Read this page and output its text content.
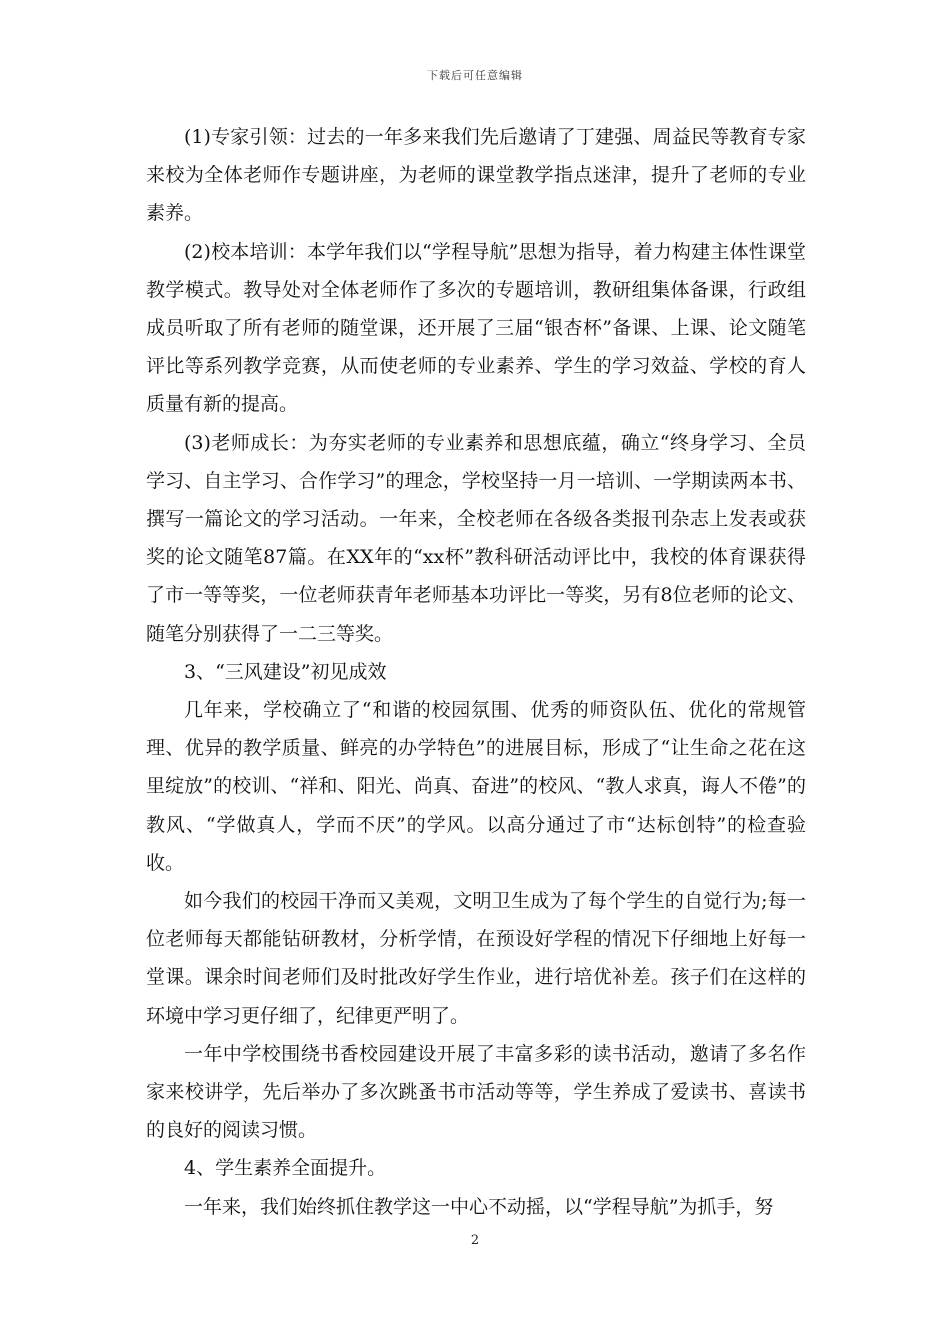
下载后可任意编辑

(1)专家引领：过去的一年多来我们先后邀请了丁建强、周益民等教育专家来校为全体老师作专题讲座，为老师的课堂教学指点迷津，提升了老师的专业素养。

(2)校本培训：本学年我们以“学程导航”思想为指导，着力构建主体性课堂教学模式。教导处对全体老师作了多次的专题培训，教研组集体备课，行政组成员听取了所有老师的随堂课，还开展了三届“银杏杯”备课、上课、论文随笔评比等系列教学竞赛，从而使老师的专业素养、学生的学习效益、学校的育人质量有新的提高。

(3)老师成长：为夯实老师的专业素养和思想底蕴，确立“终身学习、全员学习、自主学习、合作学习”的理念，学校坚持一月一培训、一学期读两本书、撰写一篇论文的学习活动。一年来，全校老师在各级各类报刊杂志上发表或获奖的论文随笔87篇。在XX年的“xx杯”教科研活动评比中，我校的体育课获得了市一等等奖，一位老师获青年老师基本功评比一等奖，另有8位老师的论文、随笔分别获得了一二三等奖。

3、“三风建设”初见成效

几年来，学校确立了“和谐的校园氛围、优秀的师资队伍、优化的常规管理、优异的教学质量、鲜亮的办学特色”的进展目标，形成了“让生命之花在这里绽放”的校训、“祥和、阳光、尚真、奋进”的校风、“教人求真，诲人不倦”的教风、“学做真人，学而不厌”的学风。以高分通过了市“达标创特”的检查验收。

如今我们的校园干净而又美观，文明卫生成为了每个学生的自觉行为;每一位老师每天都能钻研教材，分析学情，在预设好学程的情况下仔细地上好每一堂课。课余时间老师们及时批改好学生作业，进行培优补差。孩子们在这样的环境中学习更仔细了，纪律更严明了。

一年中学校围绕书香校园建设开展了丰富多彩的读书活动，邀请了多名作家来校讲学，先后举办了多次跳蚤书市活动等等，学生养成了爱读书、喜读书的良好的阅读习惯。

4、学生素养全面提升。

一年来，我们始终抓住教学这一中心不动摇，以“学程导航”为抓手，努

2
